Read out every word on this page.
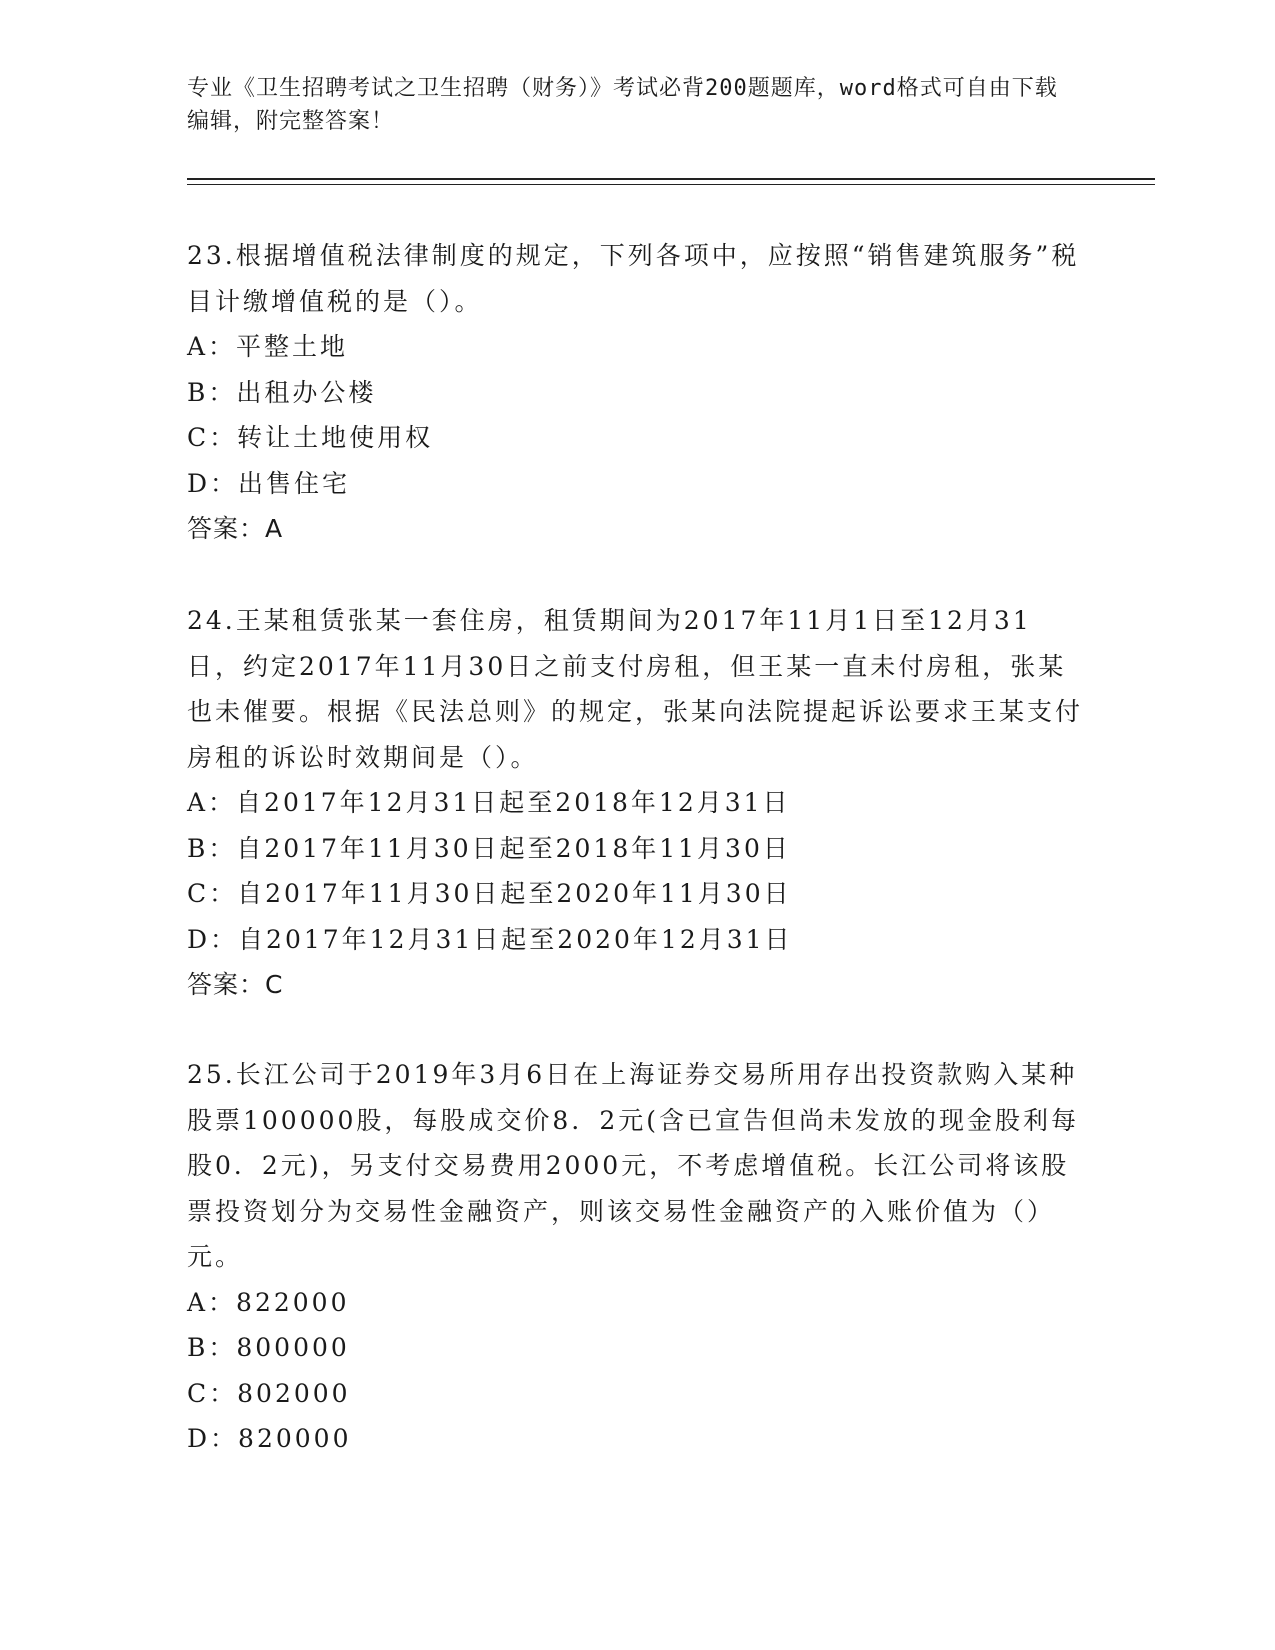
专业《卫生招聘考试之卫生招聘（财务）》考试必背200题题库，word格式可自由下载编辑，附完整答案！

23.根据增值税法律制度的规定，下列各项中，应按照“销售建筑服务”税目计缴增值税的是（）。

A：平整土地

B：出租办公楼

C：转让土地使用权

D：出售住宅

答案：A

24.王某租赁张某一套住房，租赁期间为2017年11月1日至12月31日，约定2017年11月30日之前支付房租，但王某一直未付房租，张某也未催要。根据《民法总则》的规定，张某向法院提起诉讼要求王某支付房租的诉讼时效期间是（）。

A：自2017年12月31日起至2018年12月31日

B：自2017年11月30日起至2018年11月30日

C：自2017年11月30日起至2020年11月30日

D：自2017年12月31日起至2020年12月31日

答案：C

25.长江公司于2019年3月6日在上海证券交易所用存出投资款购入某种股票100000股，每股成交价8．2元(含已宣告但尚未发放的现金股利每股0．2元)，另支付交易费用2000元，不考虑增值税。长江公司将该股票投资划分为交易性金融资产，则该交易性金融资产的入账价值为（）元。

A：822000

B：800000

C：802000

D：820000
